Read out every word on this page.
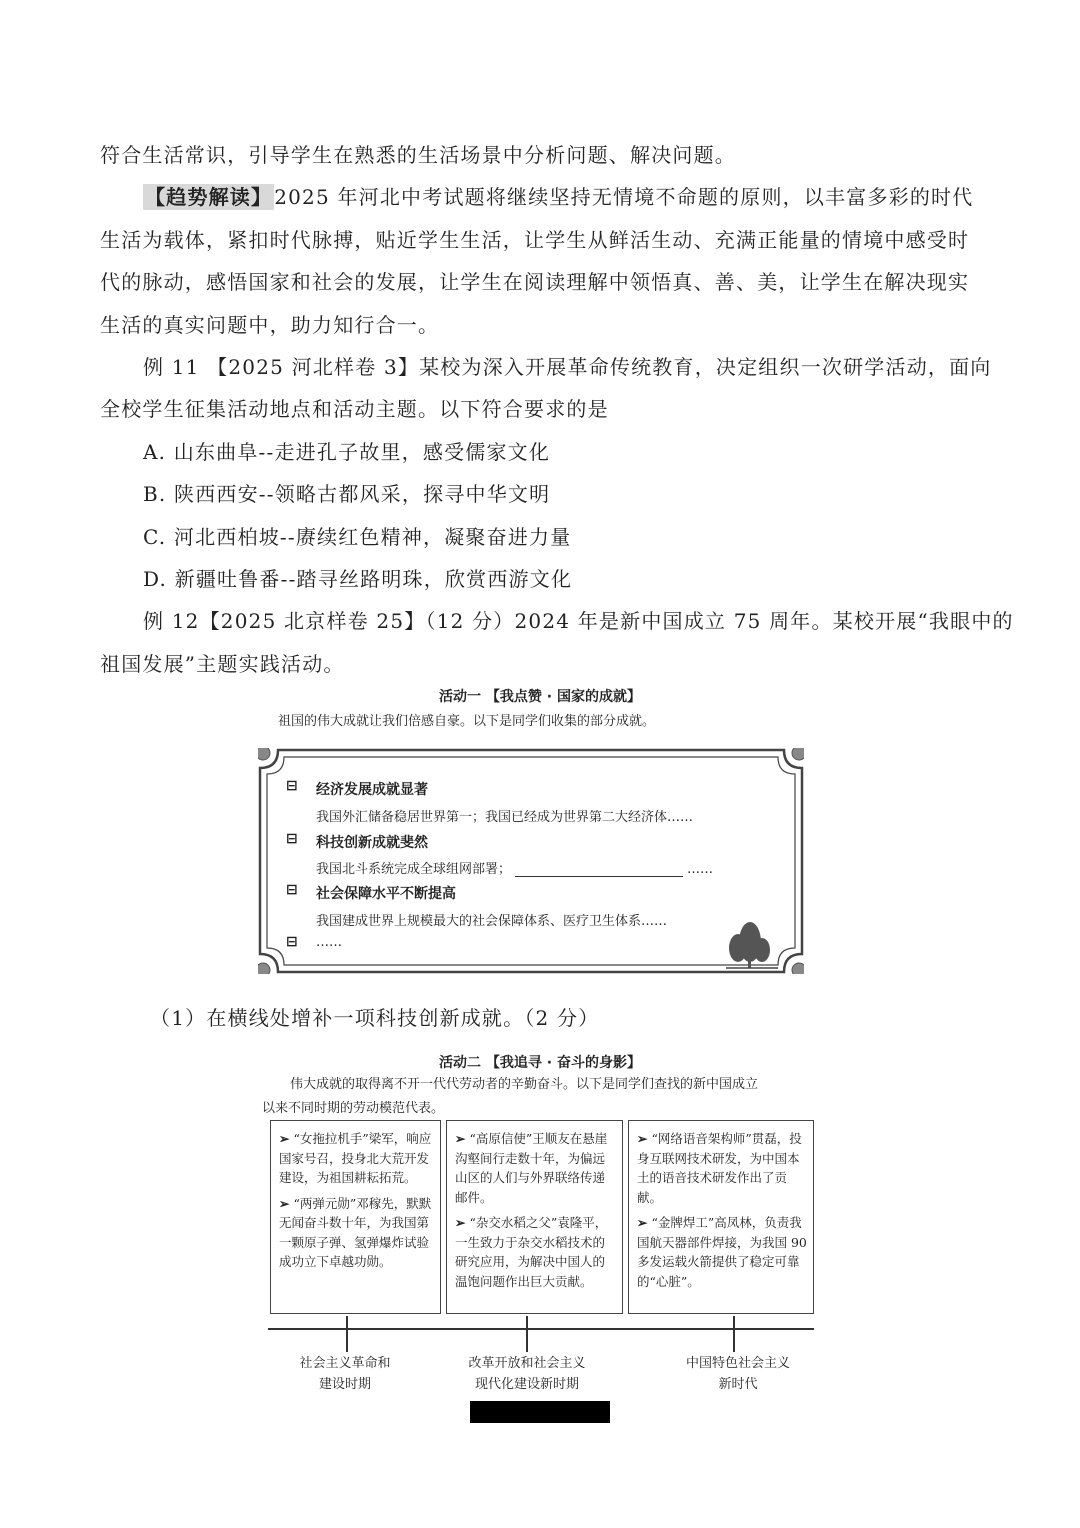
符合生活常识，引导学生在熟悉的生活场景中分析问题、解决问题。
【趋势解读】 2025 年河北中考试题将继续坚持无情境不命题的原则，以丰富多彩的时代
生活为载体，紧扣时代脉搏，贴近学生生活，让学生从鲜活生动、充满正能量的情境中感受时
代的脉动，感悟国家和社会的发展，让学生在阅读理解中领悟真、善、美，让学生在解决现实
生活的真实问题中，助力知行合一。
例 11 【2025 河北样卷 3】某校为深入开展革命传统教育，决定组织一次研学活动，面向
全校学生征集活动地点和活动主题。以下符合要求的是
A. 山东曲阜--走进孔子故里，感受儒家文化
B. 陕西西安--领略古都风采，探寻中华文明
C. 河北西柏坡--赓续红色精神，凝聚奋进力量
D. 新疆吐鲁番--踏寻丝路明珠，欣赏西游文化
例 12【2025 北京样卷 25】（12 分）2024 年是新中国成立 75 周年。某校开展“我眼中的
祖国发展”主题实践活动。
活动一 【我点赞 · 国家的成就】
祖国的伟大成就让我们倍感自豪。以下是同学们收集的部分成就。
⊟ 经济发展成就显著
我国外汇储备稳居世界第一；我国已经成为世界第二大经济体……
⊟ 科技创新成就斐然
我国北斗系统完成全球组网部署；	……
⊟ 社会保障水平不断提高
我国建成世界上规模最大的社会保障体系、医疗卫生体系……
⊟ ……
（1）在横线处增补一项科技创新成就。（2 分）
活动二 【我追寻 · 奋斗的身影】
伟大成就的取得离不开一代代劳动者的辛勤奋斗。以下是同学们查找的新中国成立
以来不同时期的劳动模范代表。

➢ “女拖拉机手”梁军，响应国家号召，投身北大荒开发建设，为祖国耕耘拓荒。

➢ “两弹元勋”邓稼先，默默无闻奋斗数十年，为我国第一颗原子弹、氢弹爆炸试验成功立下卓越功勋。

➢ “高原信使”王顺友在悬崖沟壑间行走数十年，为偏远山区的人们与外界联络传递邮件。

➢ “杂交水稻之父”袁隆平，一生致力于杂交水稻技术的研究应用，为解决中国人的温饱问题作出巨大贡献。

➢ “网络语音架构师”贯磊，投身互联网技术研发，为中国本土的语音技术研发作出了贡献。

➢ “金牌焊工”高凤林，负责我国航天器部件焊接，为我国 90 多发运载火箭提供了稳定可靠的“心脏”。

社会主义革命和
建设时期
改革开放和社会主义
现代化建设新时期
中国特色社会主义
新时代
